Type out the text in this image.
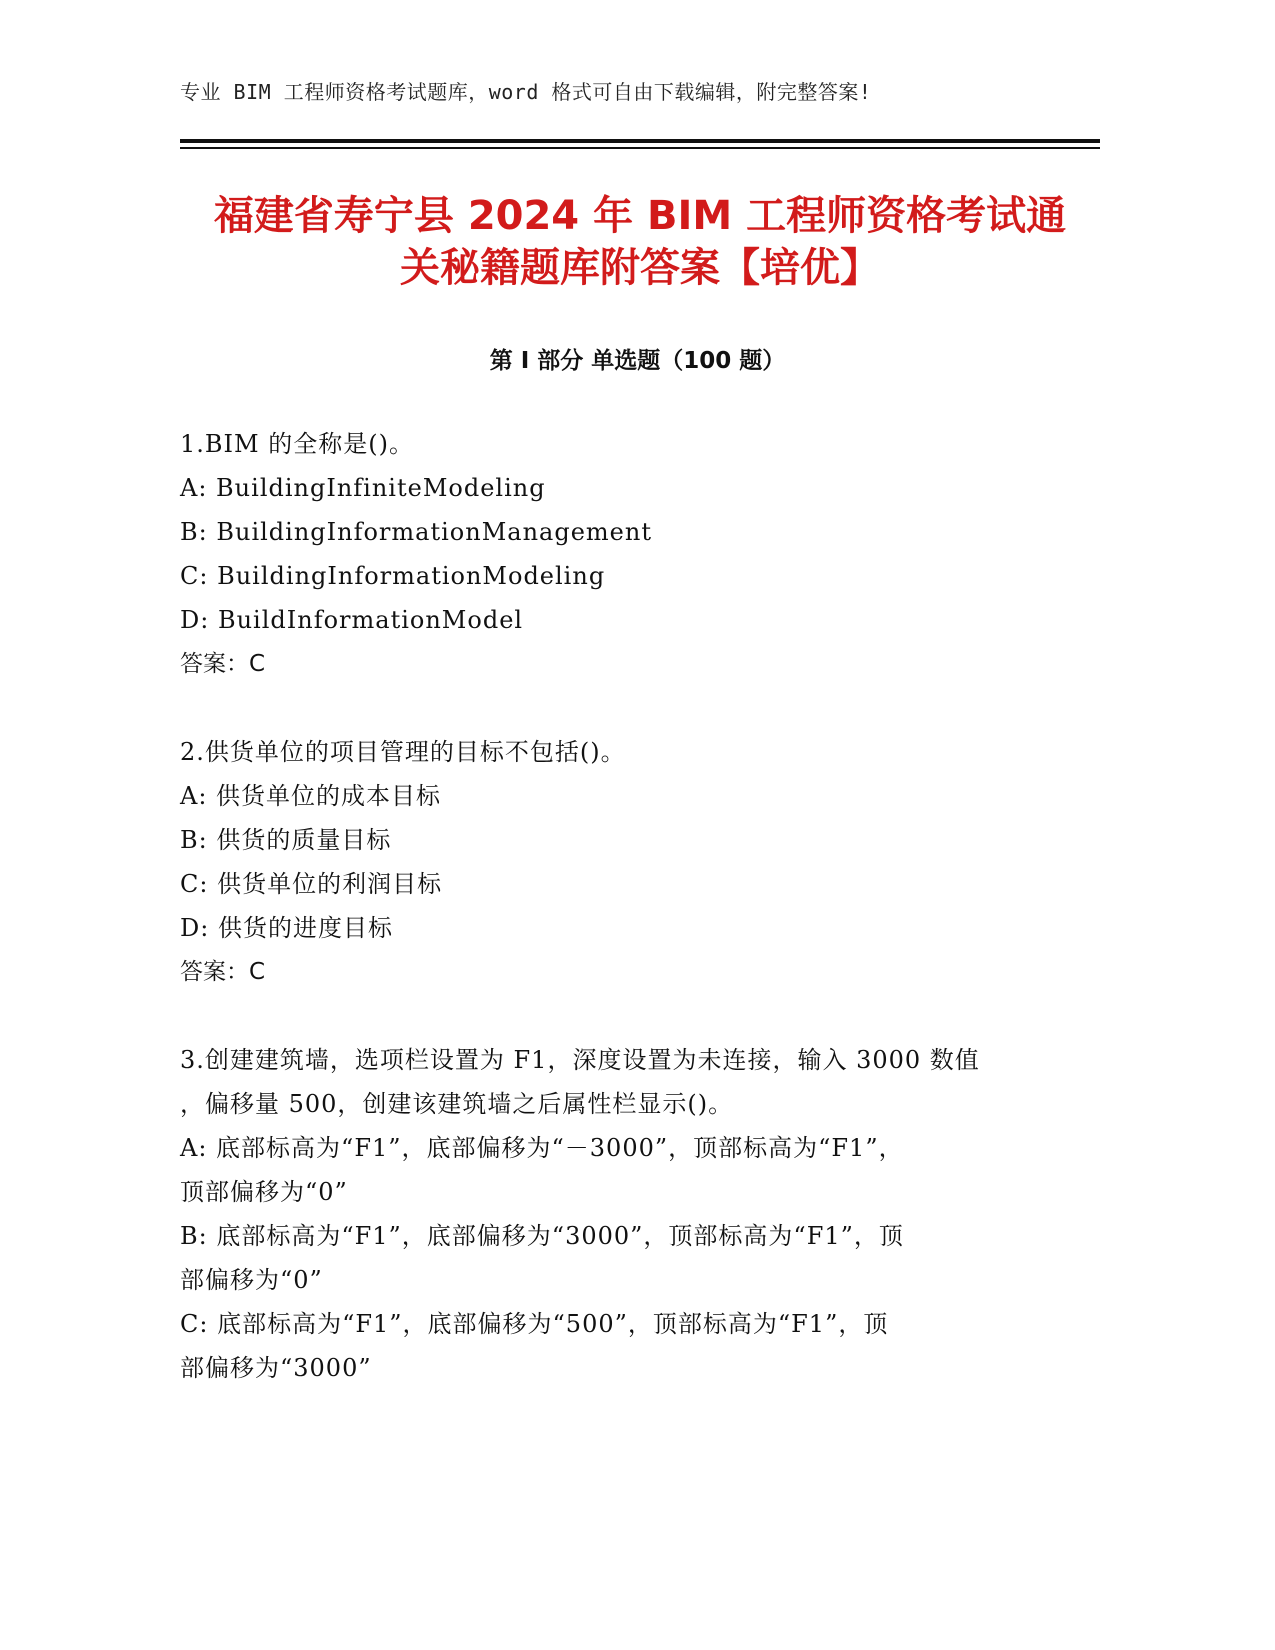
专业 BIM 工程师资格考试题库，word 格式可自由下载编辑，附完整答案!
福建省寿宁县 2024 年 BIM 工程师资格考试通
关秘籍题库附答案【培优】
第 I 部分 单选题（100 题）
1.BIM 的全称是()。
A: BuildingInfiniteModeling
B: BuildingInformationManagement
C: BuildingInformationModeling
D: BuildInformationModel
答案：C
2.供货单位的项目管理的目标不包括()。
A: 供货单位的成本目标
B: 供货的质量目标
C: 供货单位的利润目标
D: 供货的进度目标
答案：C
3.创建建筑墙，选项栏设置为 F1，深度设置为未连接，输入 3000 数值
，偏移量 500，创建该建筑墙之后属性栏显示()。
A: 底部标高为“F1”，底部偏移为“－3000”，顶部标高为“F1”，
顶部偏移为“0”
B: 底部标高为“F1”，底部偏移为“3000”，顶部标高为“F1”，顶
部偏移为“0”
C: 底部标高为“F1”，底部偏移为“500”，顶部标高为“F1”，顶
部偏移为“3000”
